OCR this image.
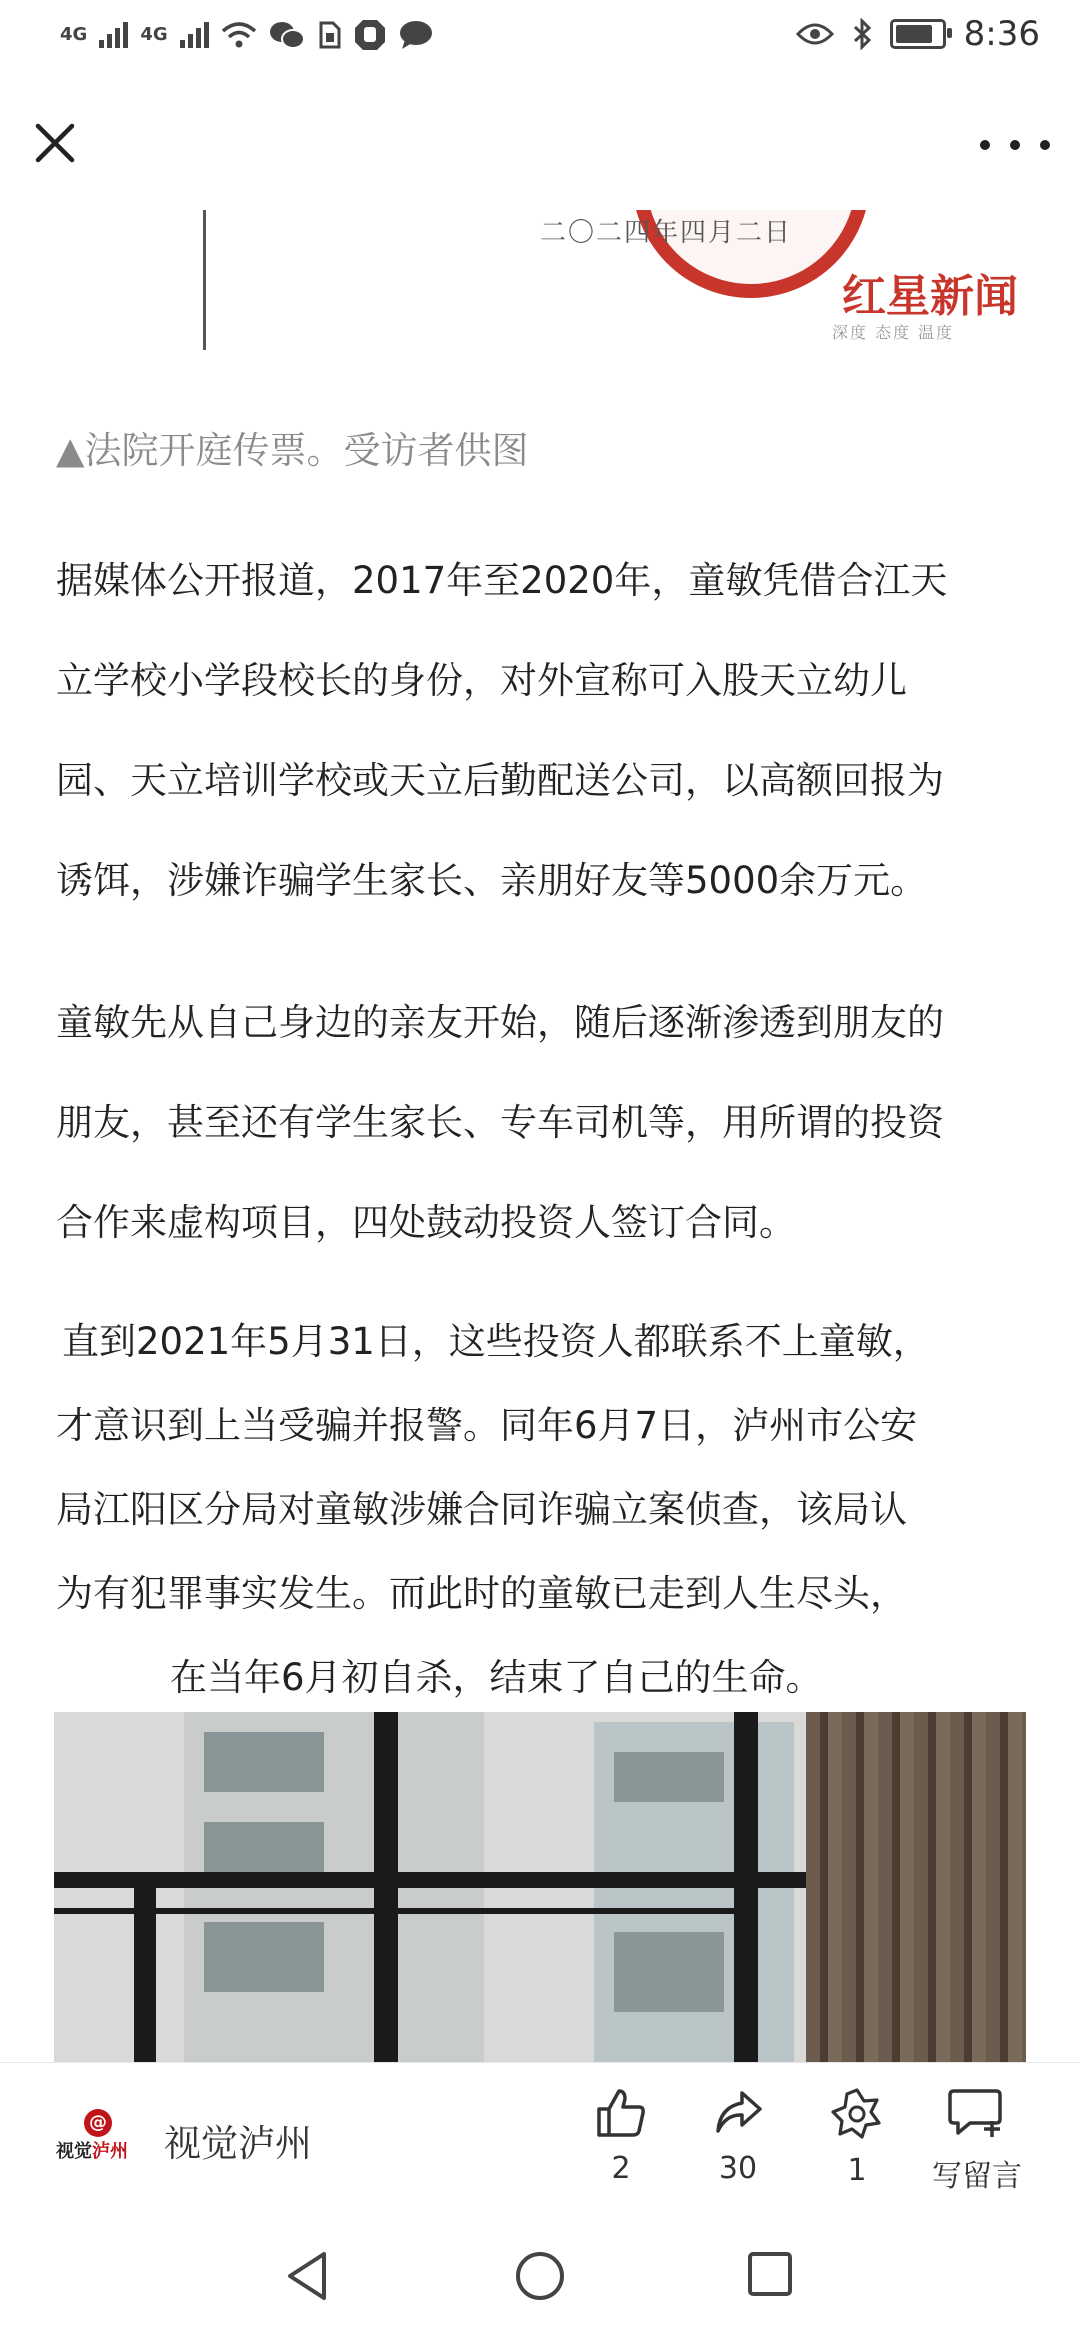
4G	4G	8:36
二〇二四年四月二日
红星新闻
深度 态度 温度
▲法院开庭传票。受访者供图
据媒体公开报道，2017年至2020年，童敏凭借合江天
立学校小学段校长的身份，对外宣称可入股天立幼儿
园、天立培训学校或天立后勤配送公司，以高额回报为
诱饵，涉嫌诈骗学生家长、亲朋好友等5000余万元。
童敏先从自己身边的亲友开始，随后逐渐渗透到朋友的
朋友，甚至还有学生家长、专车司机等，用所谓的投资
合作来虚构项目，四处鼓动投资人签订合同。
直到2021年5月31日，这些投资人都联系不上童敏，
才意识到上当受骗并报警。同年6月7日，泸州市公安
局江阳区分局对童敏涉嫌合同诈骗立案侦查，该局认
为有犯罪事实发生。而此时的童敏已走到人生尽头，
在当年6月初自杀，结束了自己的生命。
@
视觉泸州 视觉泸州
2	30	1	写留言
